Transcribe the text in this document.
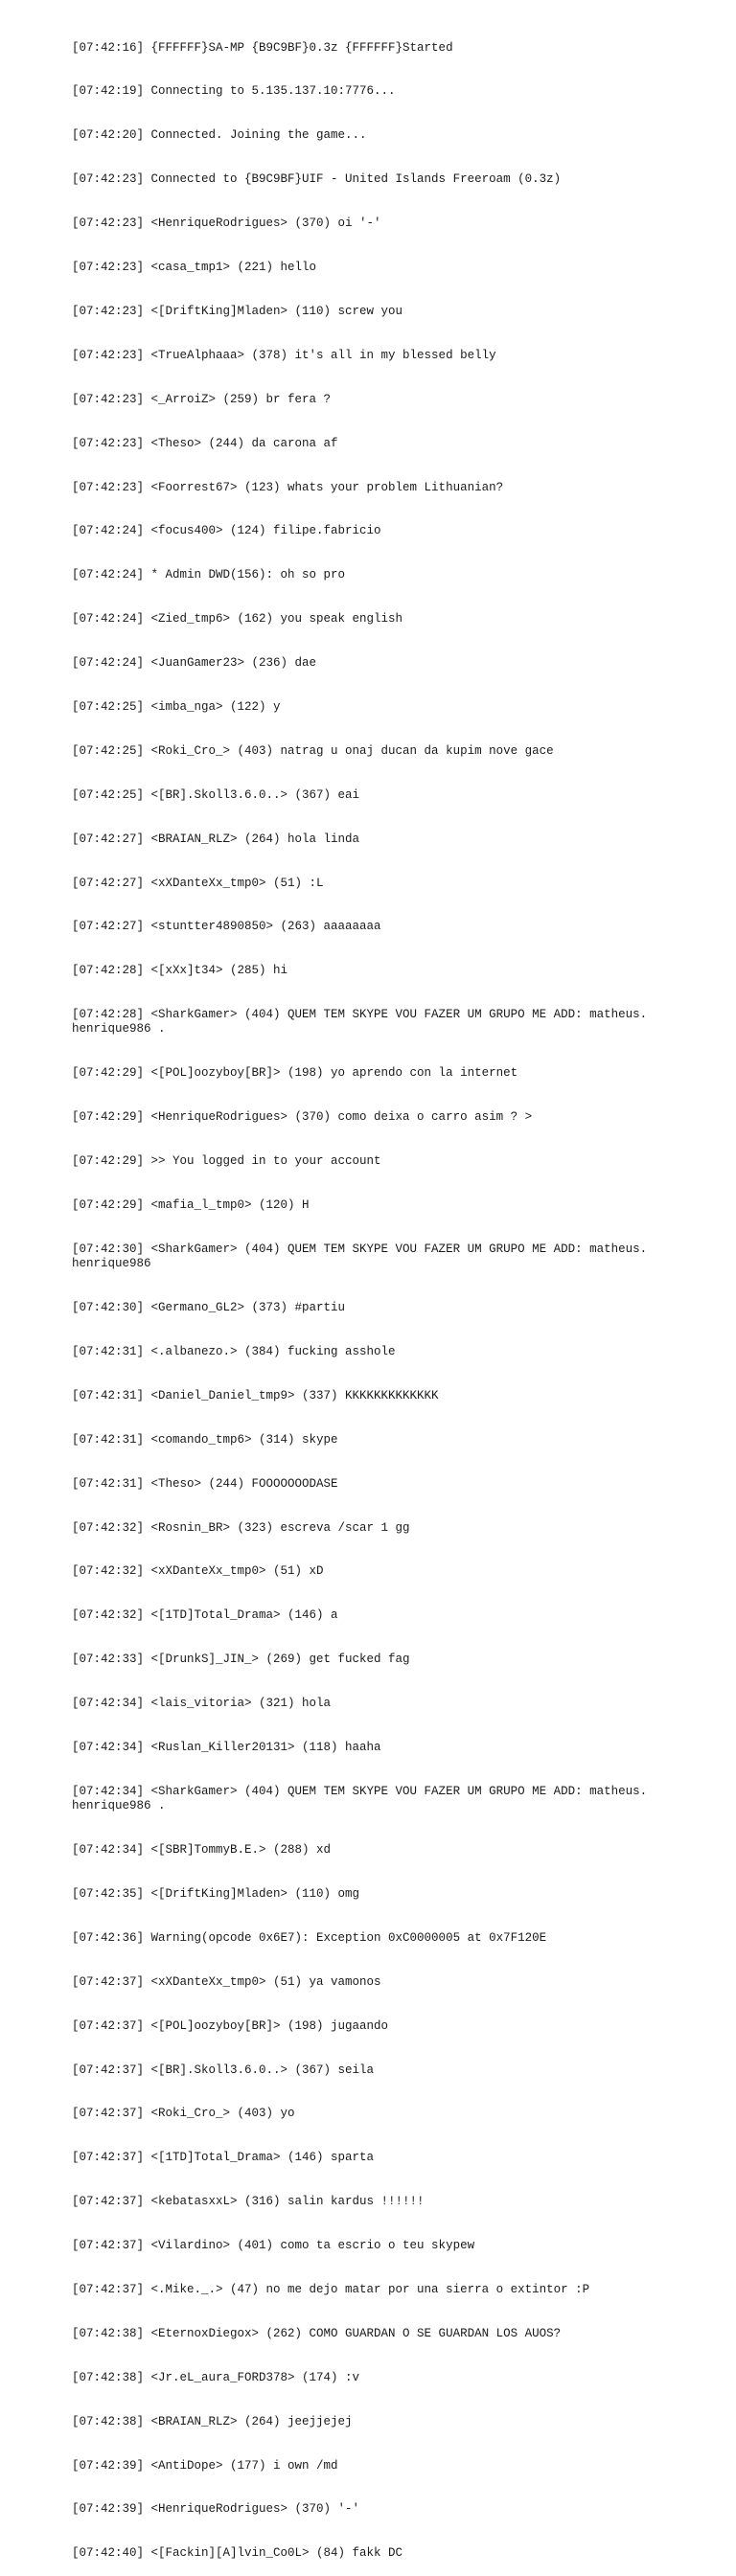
[07:42:16] {FFFFFF}SA-MP {B9C9BF}0.3z {FFFFFF}Started

[07:42:19] Connecting to 5.135.137.10:7776...

[07:42:20] Connected. Joining the game...

[07:42:23] Connected to {B9C9BF}UIF - United Islands Freeroam (0.3z)

[07:42:23] <HenriqueRodrigues> (370) oi '-'

[07:42:23] <casa_tmp1> (221) hello

[07:42:23] <[DriftKing]Mladen> (110) screw you

[07:42:23] <TrueAlphaaa> (378) it's all in my blessed belly

[07:42:23] <_ArroiZ> (259) br fera ?

[07:42:23] <Theso> (244) da carona af

[07:42:23] <Foorrest67> (123) whats your problem Lithuanian?

[07:42:24] <focus400> (124) filipe.fabricio

[07:42:24] * Admin DWD(156): oh so pro

[07:42:24] <Zied_tmp6> (162) you speak english

[07:42:24] <JuanGamer23> (236) dae

[07:42:25] <imba_nga> (122) y

[07:42:25] <Roki_Cro_> (403) natrag u onaj ducan da kupim nove gace

[07:42:25] <[BR].Skoll3.6.0..> (367) eai

[07:42:27] <BRAIAN_RLZ> (264) hola linda

[07:42:27] <xXDanteXx_tmp0> (51) :L

[07:42:27] <stuntter4890850> (263) aaaaaaaa

[07:42:28] <[xXx]t34> (285) hi

[07:42:28] <SharkGamer> (404) QUEM TEM SKYPE VOU FAZER UM GRUPO ME ADD: matheus.
henrique986 .

[07:42:29] <[POL]oozyboy[BR]> (198) yo aprendo con la internet

[07:42:29] <HenriqueRodrigues> (370) como deixa o carro asim ? >

[07:42:29] >> You logged in to your account

[07:42:29] <mafia_l_tmp0> (120) H

[07:42:30] <SharkGamer> (404) QUEM TEM SKYPE VOU FAZER UM GRUPO ME ADD: matheus.
henrique986

[07:42:30] <Germano_GL2> (373) #partiu

[07:42:31] <.albanezo.> (384) fucking asshole

[07:42:31] <Daniel_Daniel_tmp9> (337) KKKKKKKKKKKKK

[07:42:31] <comando_tmp6> (314) skype

[07:42:31] <Theso> (244) FOOOOOOODASE

[07:42:32] <Rosnin_BR> (323) escreva /scar 1 gg

[07:42:32] <xXDanteXx_tmp0> (51) xD

[07:42:32] <[1TD]Total_Drama> (146) a

[07:42:33] <[DrunkS]_JIN_> (269) get fucked fag

[07:42:34] <lais_vitoria> (321) hola

[07:42:34] <Ruslan_Killer20131> (118) haaha

[07:42:34] <SharkGamer> (404) QUEM TEM SKYPE VOU FAZER UM GRUPO ME ADD: matheus.
henrique986 .

[07:42:34] <[SBR]TommyB.E.> (288) xd

[07:42:35] <[DriftKing]Mladen> (110) omg

[07:42:36] Warning(opcode 0x6E7): Exception 0xC0000005 at 0x7F120E

[07:42:37] <xXDanteXx_tmp0> (51) ya vamonos

[07:42:37] <[POL]oozyboy[BR]> (198) jugaando

[07:42:37] <[BR].Skoll3.6.0..> (367) seila

[07:42:37] <Roki_Cro_> (403) yo

[07:42:37] <[1TD]Total_Drama> (146) sparta

[07:42:37] <kebatasxxL> (316) salin kardus !!!!!!

[07:42:37] <Vilardino> (401) como ta escrio o teu skypew

[07:42:37] <.Mike._.> (47) no me dejo matar por una sierra o extintor :P

[07:42:38] <EternoxDiegox> (262) COMO GUARDAN O SE GUARDAN LOS AUOS?

[07:42:38] <Jr.eL_aura_FORD378> (174) :v

[07:42:38] <BRAIAN_RLZ> (264) jeejjejej

[07:42:39] <AntiDope> (177) i own /md

[07:42:39] <HenriqueRodrigues> (370) '-'

[07:42:40] <[Fackin][A]lvin_Co0L> (84) fakk DC
